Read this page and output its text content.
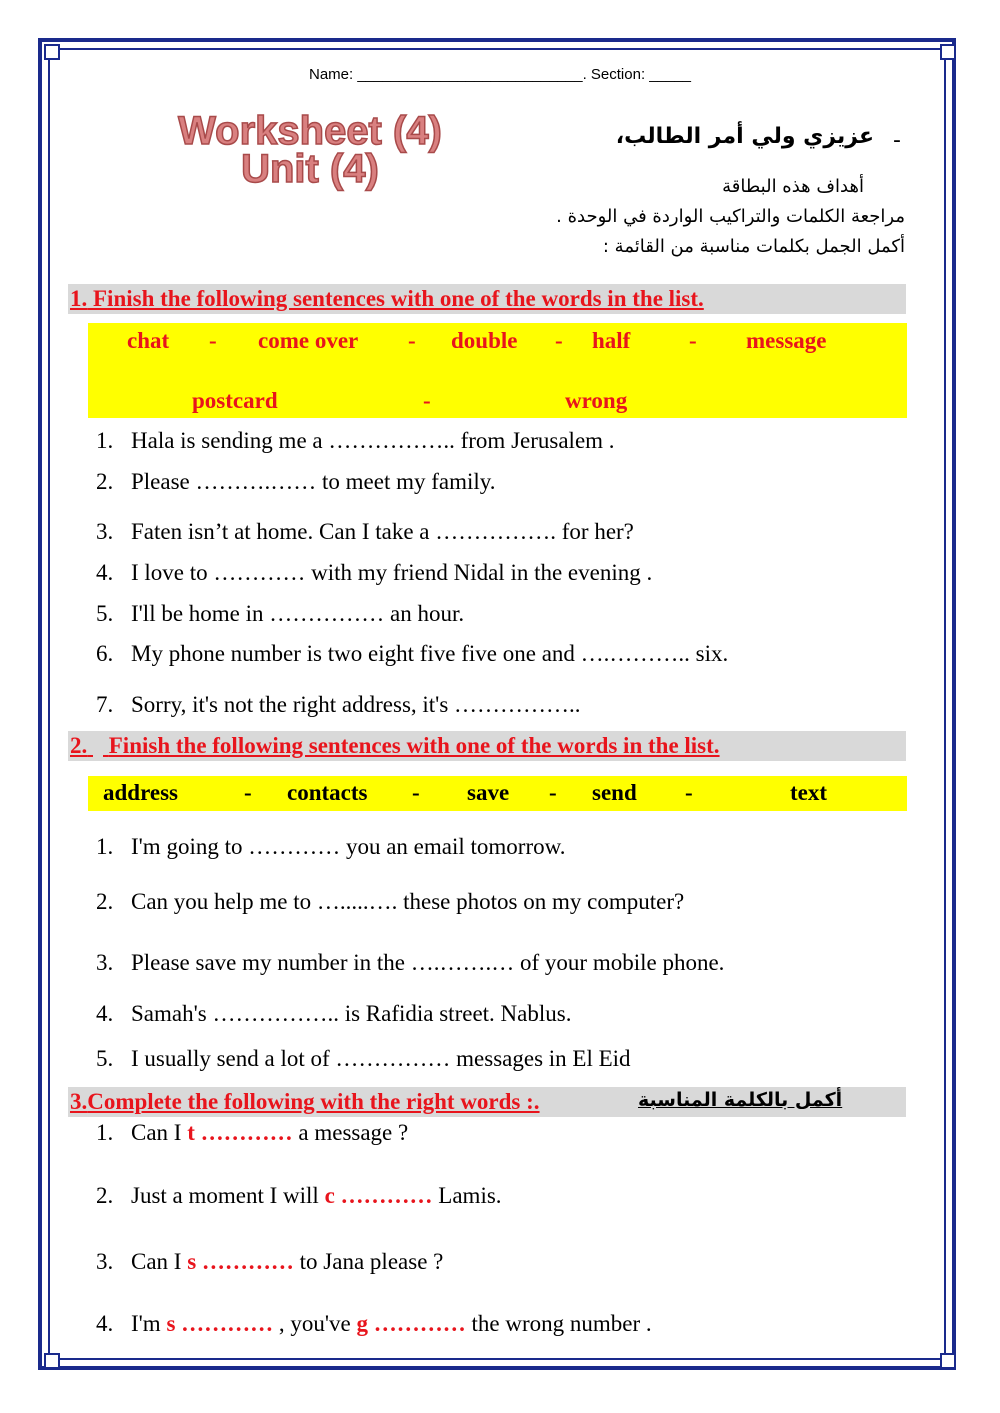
Name: ___________________________. Section: _____
Worksheet (4)
Unit (4)
-
عزيزي ولي أمر الطالب،
أهداف هذه البطاقة
مراجعة الكلمات والتراكيب الواردة في الوحدة .
أكمل الجمل بكلمات مناسبة من القائمة :
1. Finish the following sentences with one of the words in the list.
chat - come over - double - half	- message
postcard	-	wrong
1. Hala is sending me a …………….. from Jerusalem .
2. Please ……….…… to meet my family.
3. Faten isn’t at home. Can I take a ……………. for her?
4. I love to ………… with my friend Nidal in the evening .
5. I'll be home in …………… an hour.
6. My phone number is two eight five five one and ….……….. six.
7. Sorry, it's not the right address, it's ……………..
2. Finish the following sentences with one of the words in the list.
address	- contacts - save - send -	text
1. I'm going to ………… you an email tomorrow.
2. Can you help me to ….....…. these photos on my computer?
3. Please save my number in the ….…….… of your mobile phone.
4. Samah's …………….. is Rafidia street. Nablus.
5. I usually send a lot of …………… messages in El Eid
3.Complete the following with the right words :.	أكمل بالكلمة المناسبة
1. Can I t ………… a message ?
2. Just a moment I will c ………… Lamis.
3. Can I s ………… to Jana please ?
4. I'm s ………… , you've g ………… the wrong number .
